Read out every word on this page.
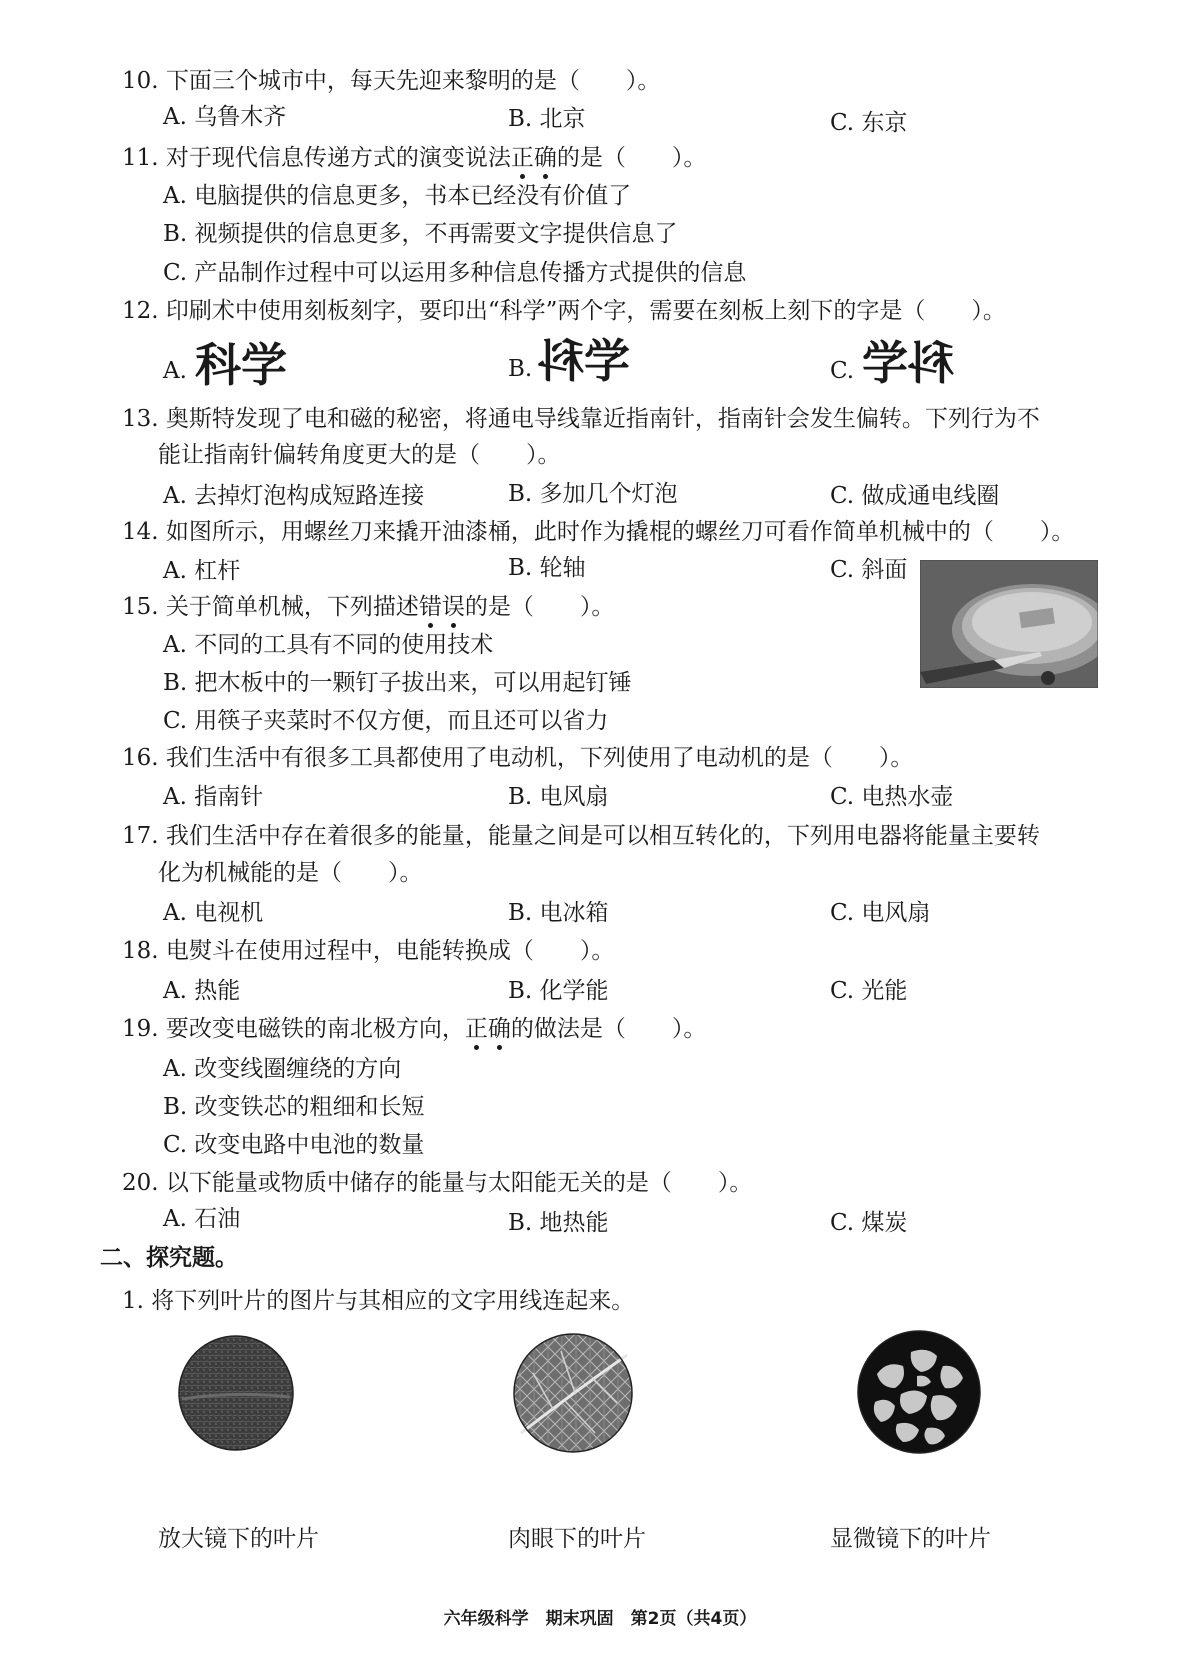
10. 下面三个城市中，每天先迎来黎明的是（　　）。
A. 乌鲁木齐	B. 北京	C. 东京
11. 对于现代信息传递方式的演变说法正确的是（　　）。
A. 电脑提供的信息更多，书本已经没有价值了
B. 视频提供的信息更多，不再需要文字提供信息了
C. 产品制作过程中可以运用多种信息传播方式提供的信息
12. 印刷术中使用刻板刻字，要印出“科学”两个字，需要在刻板上刻下的字是（　　）。
A. 科学	B. 科学	C. 学科
13. 奥斯特发现了电和磁的秘密，将通电导线靠近指南针，指南针会发生偏转。下列行为不
能让指南针偏转角度更大的是（　　）。
A. 去掉灯泡构成短路连接	B. 多加几个灯泡	C. 做成通电线圈
14. 如图所示，用螺丝刀来撬开油漆桶，此时作为撬棍的螺丝刀可看作简单机械中的（　　）。
A. 杠杆	B. 轮轴	C. 斜面
15. 关于简单机械，下列描述错误的是（　　）。
A. 不同的工具有不同的使用技术
B. 把木板中的一颗钉子拔出来，可以用起钉锤
C. 用筷子夹菜时不仅方便，而且还可以省力
16. 我们生活中有很多工具都使用了电动机，下列使用了电动机的是（　　）。
A. 指南针	B. 电风扇	C. 电热水壶
17. 我们生活中存在着很多的能量，能量之间是可以相互转化的，下列用电器将能量主要转
化为机械能的是（　　）。
A. 电视机	B. 电冰箱	C. 电风扇
18. 电熨斗在使用过程中，电能转换成（　　）。
A. 热能	B. 化学能	C. 光能
19. 要改变电磁铁的南北极方向，正确的做法是（　　）。
A. 改变线圈缠绕的方向
B. 改变铁芯的粗细和长短
C. 改变电路中电池的数量
20. 以下能量或物质中储存的能量与太阳能无关的是（　　）。
A. 石油	B. 地热能	C. 煤炭
二、探究题。
1. 将下列叶片的图片与其相应的文字用线连起来。
放大镜下的叶片	肉眼下的叶片	显微镜下的叶片
六年级科学　期末巩固　第2页（共4页）
